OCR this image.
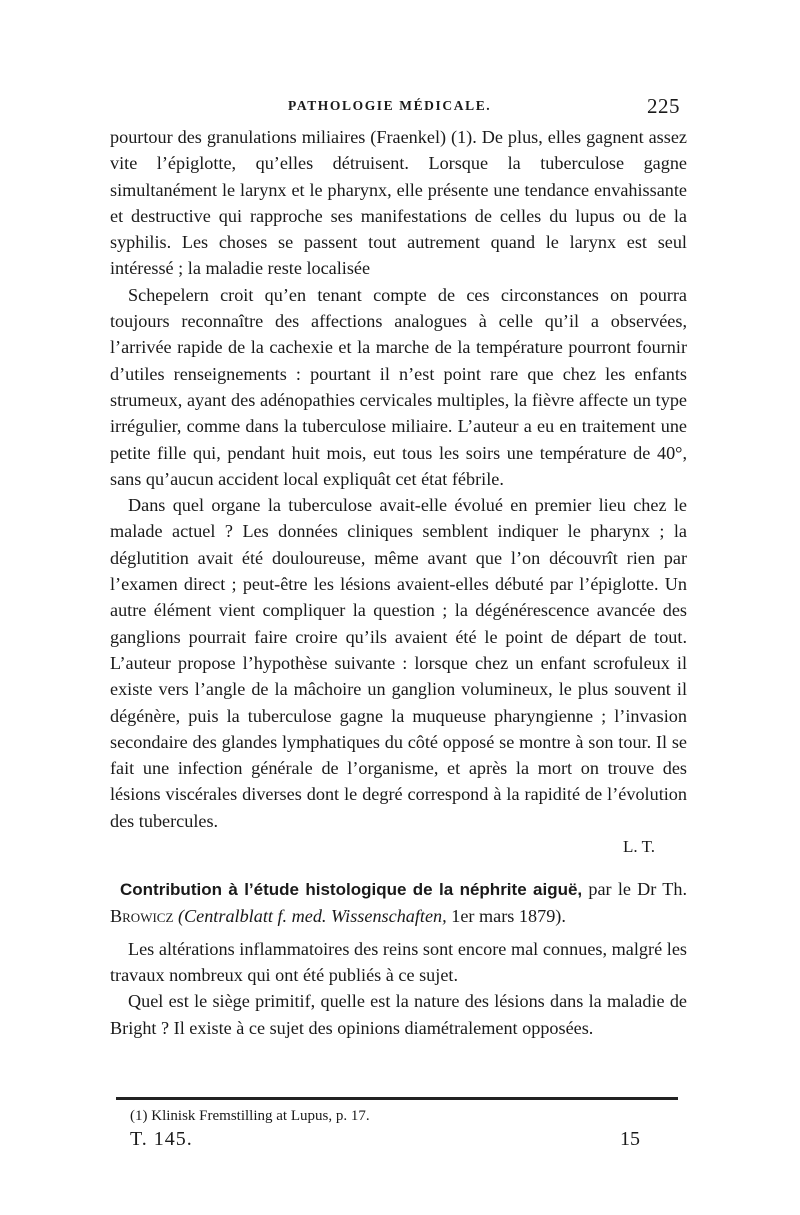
PATHOLOGIE MÉDICALE.	225

pourtour des granulations miliaires (Fraenkel) (1). De plus, elles gagnent assez vite l’épiglotte, qu’elles détruisent. Lorsque la tuberculose gagne simultanément le larynx et le pharynx, elle présente une tendance envahissante et destructive qui rapproche ses manifestations de celles du lupus ou de la syphilis. Les choses se passent tout autrement quand le larynx est seul intéressé ; la maladie reste localisée

Schepelern croit qu’en tenant compte de ces circonstances on pourra toujours reconnaître des affections analogues à celle qu’il a observées, l’arrivée rapide de la cachexie et la marche de la température pourront fournir d’utiles renseignements : pourtant il n’est point rare que chez les enfants strumeux, ayant des adénopathies cervicales multiples, la fièvre affecte un type irrégulier, comme dans la tuberculose miliaire. L’auteur a eu en traitement une petite fille qui, pendant huit mois, eut tous les soirs une température de 40°, sans qu’aucun accident local expliquât cet état fébrile.

Dans quel organe la tuberculose avait-elle évolué en premier lieu chez le malade actuel ? Les données cliniques semblent indiquer le pharynx ; la déglutition avait été douloureuse, même avant que l’on découvrît rien par l’examen direct ; peut-être les lésions avaient-elles débuté par l’épiglotte. Un autre élément vient compliquer la question ; la dégénérescence avancée des ganglions pourrait faire croire qu’ils avaient été le point de départ de tout. L’auteur propose l’hypothèse suivante : lorsque chez un enfant scrofuleux il existe vers l’angle de la mâchoire un ganglion volumineux, le plus souvent il dégénère, puis la tuberculose gagne la muqueuse pharyngienne ; l’invasion secondaire des glandes lymphatiques du côté opposé se montre à son tour. Il se fait une infection générale de l’organisme, et après la mort on trouve des lésions viscérales diverses dont le degré correspond à la rapidité de l’évolution des tubercules.

L. T.

Contribution à l’étude histologique de la néphrite aiguë, par le Dr Th. Browicz (Centralblatt f. med. Wissenschaften, 1er mars 1879).

Les altérations inflammatoires des reins sont encore mal connues, malgré les travaux nombreux qui ont été publiés à ce sujet.

Quel est le siège primitif, quelle est la nature des lésions dans la maladie de Bright ? Il existe à ce sujet des opinions diamétralement opposées.

(1) Klinisk Fremstilling at Lupus, p. 17.
T. 145.	15
